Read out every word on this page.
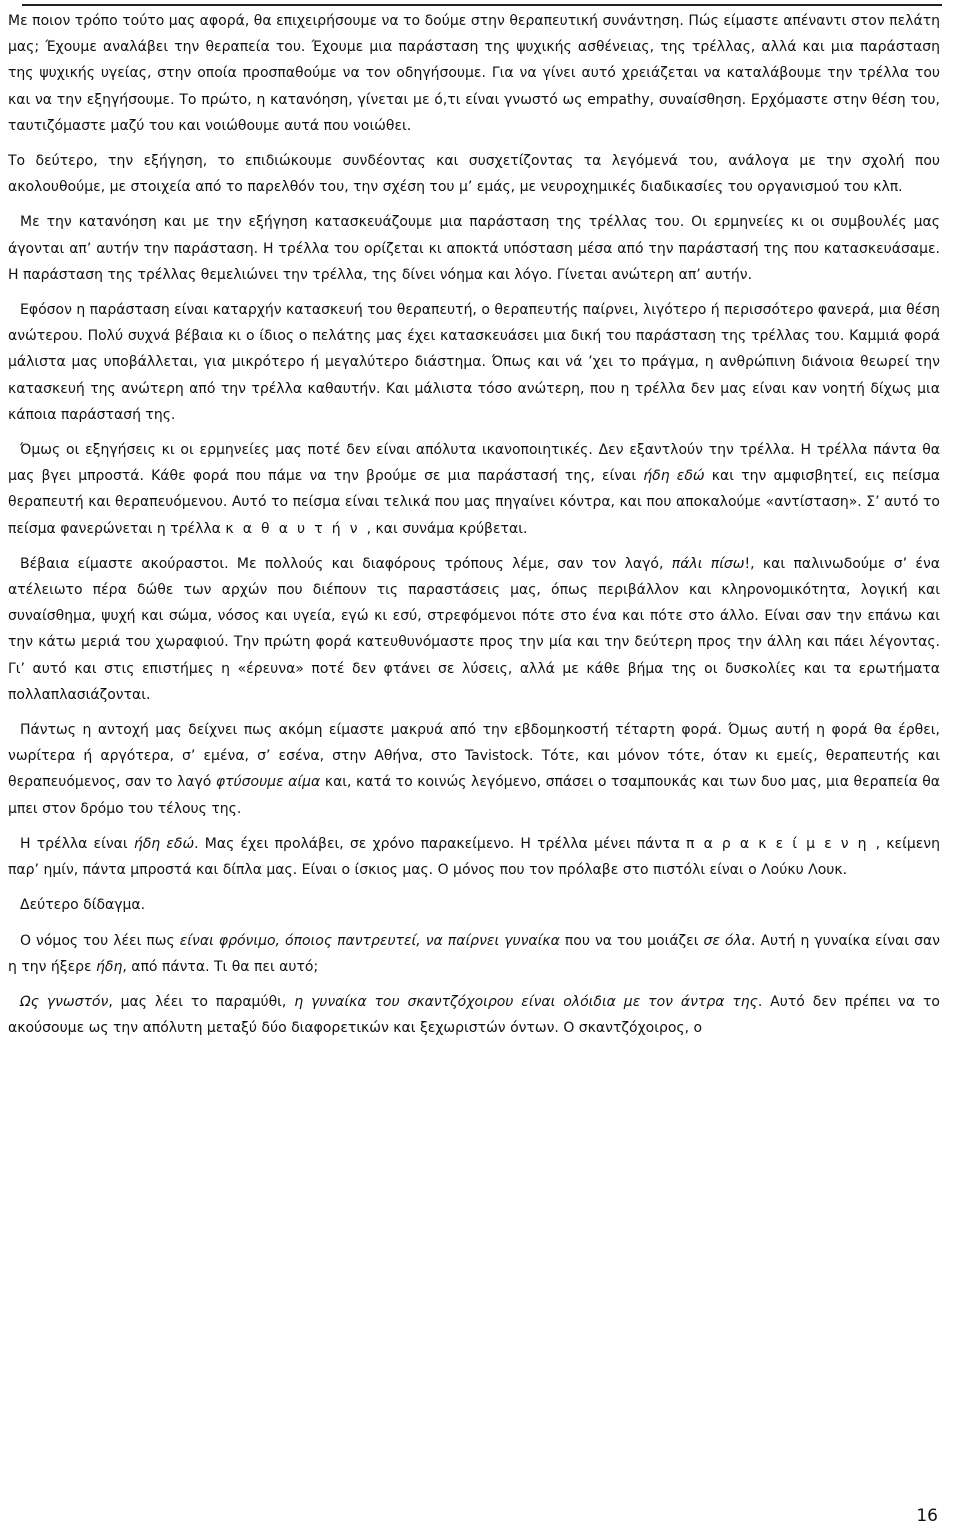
Με ποιον τρόπο τούτο μας αφορά, θα επιχειρήσουμε να το δούμε στην θεραπευτική συνάντηση. Πώς είμαστε απέναντι στον πελάτη μας; Έχουμε αναλάβει την θεραπεία του. Έχουμε μια παράσταση της ψυχικής ασθένειας, της τρέλλας, αλλά και μια παράσταση της ψυχικής υγείας, στην οποία προσπαθούμε να τον οδηγήσουμε. Για να γίνει αυτό χρειάζεται να καταλάβουμε την τρέλλα του και να την εξηγήσουμε. Το πρώτο, η κατανόηση, γίνεται με ό,τι είναι γνωστό ως empathy, συναίσθηση. Ερχόμαστε στην θέση του, ταυτιζόμαστε μαζύ του και νοιώθουμε αυτά που νοιώθει.

Το δεύτερο, την εξήγηση, το επιδιώκουμε συνδέοντας και συσχετίζοντας τα λεγόμενά του, ανάλογα με την σχολή που ακολουθούμε, με στοιχεία από το παρελθόν του, την σχέση του μ’ εμάς, με νευροχημικές διαδικασίες του οργανισμού του κλπ.

Με την κατανόηση και με την εξήγηση κατασκευάζουμε μια παράσταση της τρέλλας του. Οι ερμηνείες κι οι συμβουλές μας άγονται απ’ αυτήν την παράσταση. Η τρέλλα του ορίζεται κι αποκτά υπόσταση μέσα από την παράστασή της που κατασκευάσαμε. Η παράσταση της τρέλλας θεμελιώνει την τρέλλα, της δίνει νόημα και λόγο. Γίνεται ανώτερη απ’ αυτήν.

Εφόσον η παράσταση είναι καταρχήν κατασκευή του θεραπευτή, ο θεραπευτής παίρνει, λιγότερο ή περισσότερο φανερά, μια θέση ανώτερου. Πολύ συχνά βέβαια κι ο ίδιος ο πελάτης μας έχει κατασκευάσει μια δική του παράσταση της τρέλλας του. Καμμιά φορά μάλιστα μας υποβάλλεται, για μικρότερο ή μεγαλύτερο διάστημα. Όπως και νά ’χει το πράγμα, η ανθρώπινη διάνοια θεωρεί την κατασκευή της ανώτερη από την τρέλλα καθαυτήν. Και μάλιστα τόσο ανώτερη, που η τρέλλα δεν μας είναι καν νοητή δίχως μια κάποια παράστασή της.

Όμως οι εξηγήσεις κι οι ερμηνείες μας ποτέ δεν είναι απόλυτα ικανοποιητικές. Δεν εξαντλούν την τρέλλα. Η τρέλλα πάντα θα μας βγει μπροστά. Κάθε φορά που πάμε να την βρούμε σε μια παράστασή της, είναι ήδη εδώ και την αμφισβητεί, εις πείσμα θεραπευτή και θεραπευόμενου. Αυτό το πείσμα είναι τελικά που μας πηγαίνει κόντρα, και που αποκαλούμε «αντίσταση». Σ’ αυτό το πείσμα φανερώνεται η τρέλλα καθαυτήν, και συνάμα κρύβεται.

Βέβαια είμαστε ακούραστοι. Με πολλούς και διαφόρους τρόπους λέμε, σαν τον λαγό, πάλι πίσω!, και παλινωδούμε σ’ ένα ατέλειωτο πέρα δώθε των αρχών που διέπουν τις παραστάσεις μας, όπως περιβάλλον και κληρονομικότητα, λογική και συναίσθημα, ψυχή και σώμα, νόσος και υγεία, εγώ κι εσύ, στρεφόμενοι πότε στο ένα και πότε στο άλλο. Είναι σαν την επάνω και την κάτω μεριά του χωραφιού. Την πρώτη φορά κατευθυνόμαστε προς την μία και την δεύτερη προς την άλλη και πάει λέγοντας. Γι’ αυτό και στις επιστήμες η «έρευνα» ποτέ δεν φτάνει σε λύσεις, αλλά με κάθε βήμα της οι δυσκολίες και τα ερωτήματα πολλαπλασιάζονται.

Πάντως η αντοχή μας δείχνει πως ακόμη είμαστε μακρυά από την εβδομηκοστή τέταρτη φορά. Όμως αυτή η φορά θα έρθει, νωρίτερα ή αργότερα, σ’ εμένα, σ’ εσένα, στην Αθήνα, στο Tavistock. Τότε, και μόνον τότε, όταν κι εμείς, θεραπευτής και θεραπευόμενος, σαν το λαγό φτύσουμε αίμα και, κατά το κοινώς λεγόμενο, σπάσει ο τσαμπουκάς και των δυο μας, μια θεραπεία θα μπει στον δρόμο του τέλους της.

Η τρέλλα είναι ήδη εδώ. Μας έχει προλάβει, σε χρόνο παρακείμενο. Η τρέλλα μένει πάντα παρακείμενη, κείμενη παρ’ ημίν, πάντα μπροστά και δίπλα μας. Είναι ο ίσκιος μας. Ο μόνος που τον πρόλαβε στο πιστόλι είναι ο Λούκυ Λουκ.

Δεύτερο δίδαγμα.

Ο νόμος του λέει πως είναι φρόνιμο, όποιος παντρευτεί, να παίρνει γυναίκα που να του μοιάζει σε όλα. Αυτή η γυναίκα είναι σαν η την ήξερε ήδη, από πάντα. Τι θα πει αυτό;

Ως γνωστόν, μας λέει το παραμύθι, η γυναίκα του σκαντζόχοιρου είναι ολόιδια με τον άντρα της. Αυτό δεν πρέπει να το ακούσουμε ως την απόλυτη μεταξύ δύο διαφορετικών και ξεχωριστών όντων. Ο σκαντζόχοιρος, ο

16
